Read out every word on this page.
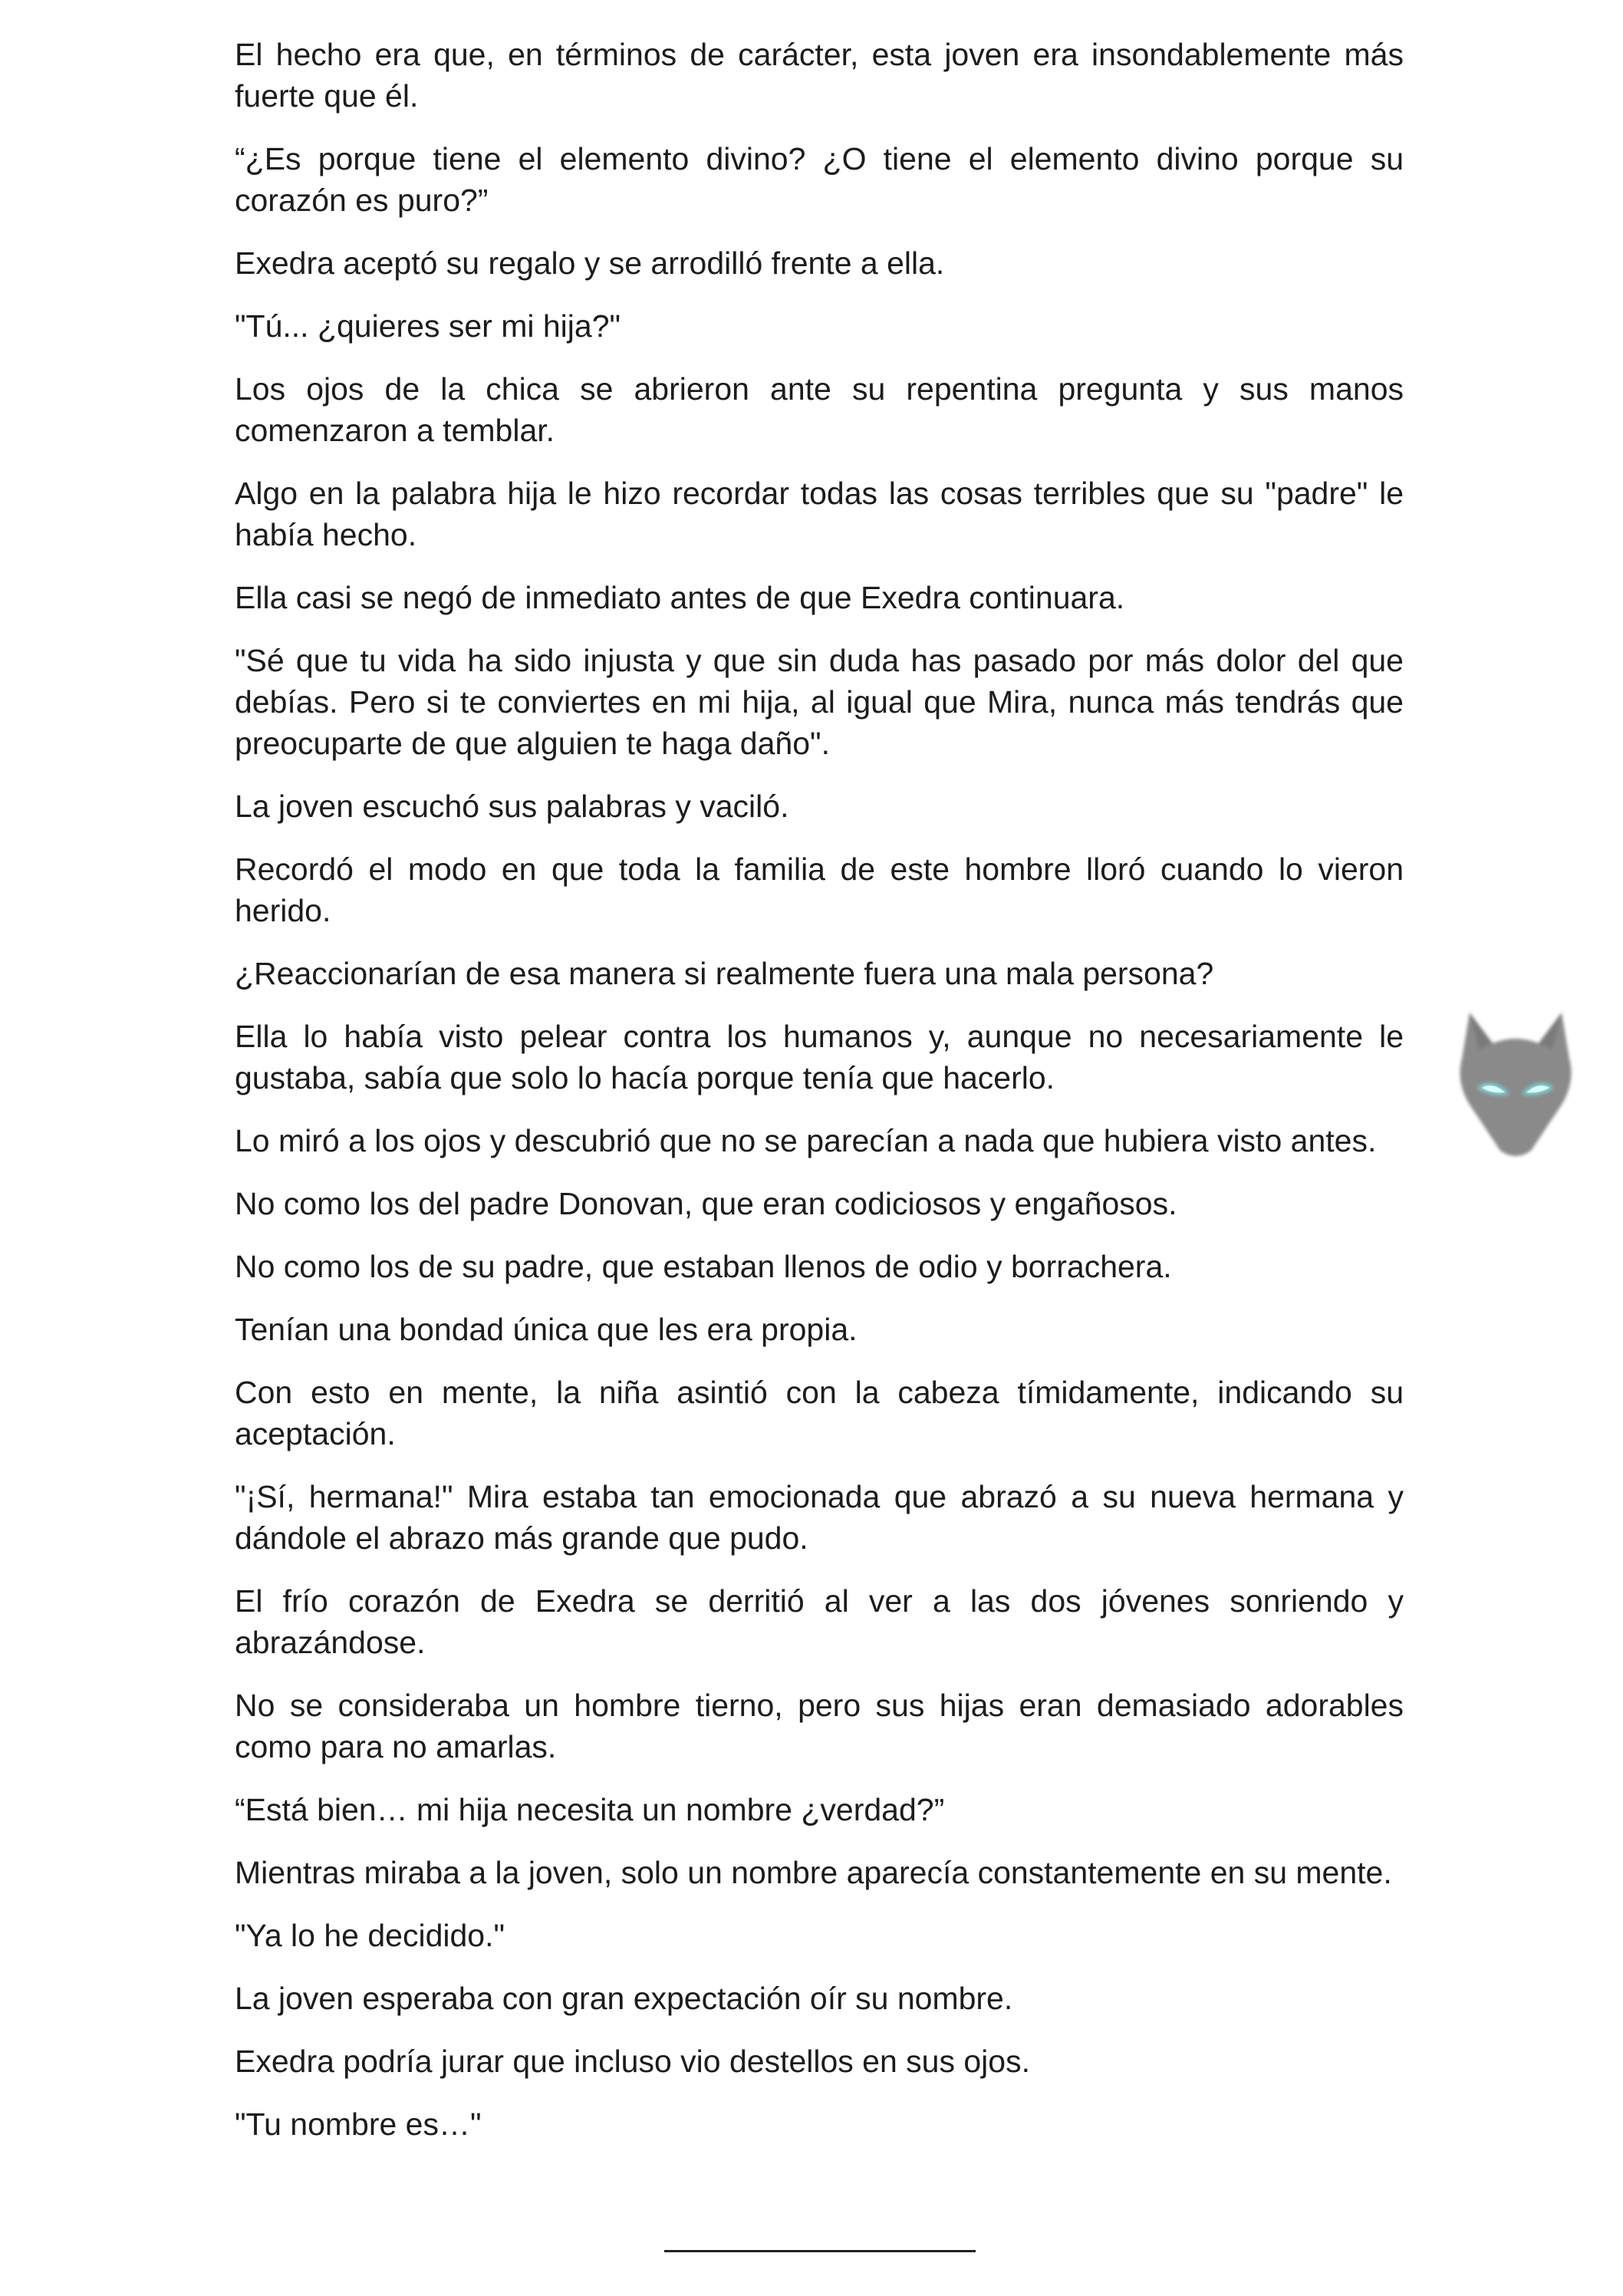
El hecho era que, en términos de carácter, esta joven era insondablemente más fuerte que él.

“¿Es porque tiene el elemento divino? ¿O tiene el elemento divino porque su corazón es puro?”

Exedra aceptó su regalo y se arrodilló frente a ella.

"Tú... ¿quieres ser mi hija?"

Los ojos de la chica se abrieron ante su repentina pregunta y sus manos comenzaron a temblar.

Algo en la palabra hija le hizo recordar todas las cosas terribles que su "padre" le había hecho.

Ella casi se negó de inmediato antes de que Exedra continuara.

"Sé que tu vida ha sido injusta y que sin duda has pasado por más dolor del que debías. Pero si te conviertes en mi hija, al igual que Mira, nunca más tendrás que preocuparte de que alguien te haga daño".

La joven escuchó sus palabras y vaciló.

Recordó el modo en que toda la familia de este hombre lloró cuando lo vieron herido.

¿Reaccionarían de esa manera si realmente fuera una mala persona?

Ella lo había visto pelear contra los humanos y, aunque no necesariamente le gustaba, sabía que solo lo hacía porque tenía que hacerlo.

Lo miró a los ojos y descubrió que no se parecían a nada que hubiera visto antes.

No como los del padre Donovan, que eran codiciosos y engañosos.

No como los de su padre, que estaban llenos de odio y borrachera.

Tenían una bondad única que les era propia.

Con esto en mente, la niña asintió con la cabeza tímidamente, indicando su aceptación.

"¡Sí, hermana!" Mira estaba tan emocionada que abrazó a su nueva hermana y dándole el abrazo más grande que pudo.

El frío corazón de Exedra se derritió al ver a las dos jóvenes sonriendo y abrazándose.

No se consideraba un hombre tierno, pero sus hijas eran demasiado adorables como para no amarlas.

“Está bien… mi hija necesita un nombre ¿verdad?”

Mientras miraba a la joven, solo un nombre aparecía constantemente en su mente.

"Ya lo he decidido."

La joven esperaba con gran expectación oír su nombre.

Exedra podría jurar que incluso vio destellos en sus ojos.

"Tu nombre es…"
